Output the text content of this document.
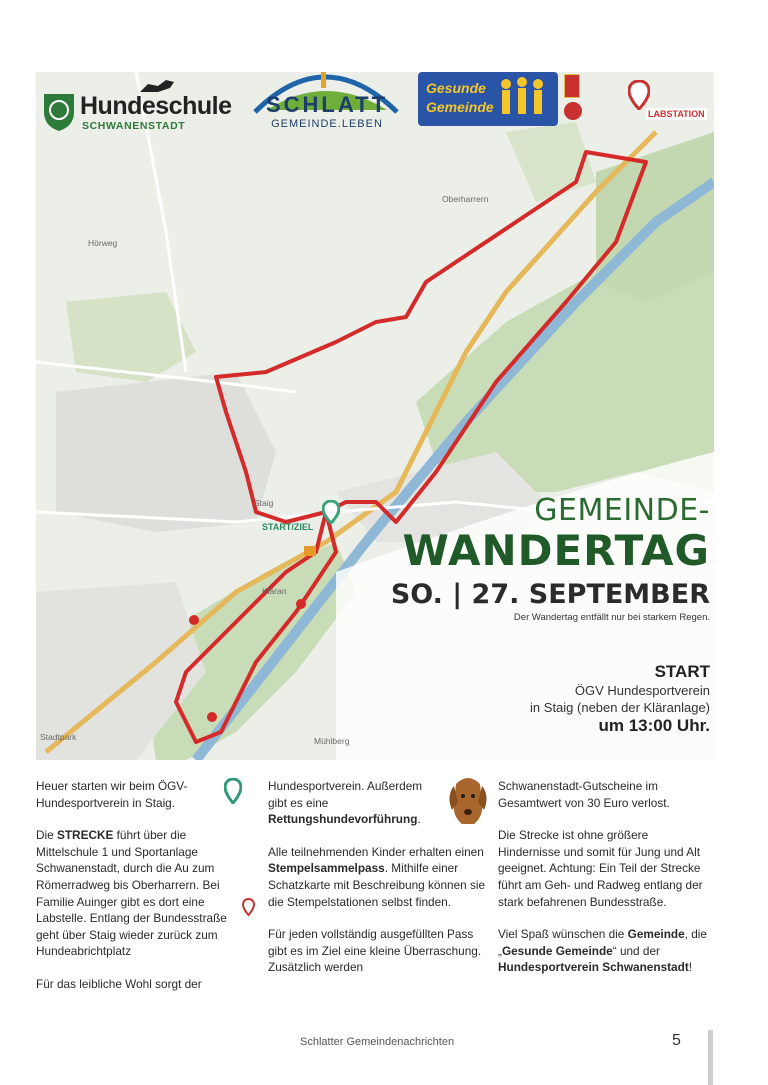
Hundeschule
SCHWANENSTADT
SCHLATT
GEMEINDE.LEBEN
Gesunde
Gemeinde	LABSTATION
START/ZIEL
Oberharrern
Hörweg
Staig
Mühlberg
Stadtpark
Kläran
GEMEINDE-
WANDERTAG
SO. | 27. SEPTEMBER
Der Wandertag entfällt nur bei starkem Regen.
START
ÖGV Hundesportverein
in Staig (neben der Kläranlage)
um 13:00 Uhr.

Heuer starten wir beim ÖGV-Hundesportverein in Staig.

Die STRECKE führt über die Mittelschule 1 und Sportanlage Schwanenstadt, durch die Au zum Römerradweg bis Oberharrern. Bei Familie Auinger gibt es dort eine Labstelle. Entlang der Bundesstraße geht über Staig wieder zurück zum Hundeabrichtplatz

Für das leibliche Wohl sorgt der

Hundesportverein. Außerdem gibt es eine Rettungshundevorführung.

Alle teilnehmenden Kinder erhalten einen Stempelsammelpass. Mithilfe einer Schatzkarte mit Beschreibung können sie die Stempelstationen selbst finden.

Für jeden vollständig ausgefüllten Pass gibt es im Ziel eine kleine Überraschung. Zusätzlich werden

Schwanenstadt-Gutscheine im Gesamtwert von 30 Euro verlost.

Die Strecke ist ohne größere Hindernisse und somit für Jung und Alt geeignet. Achtung: Ein Teil der Strecke führt am Geh- und Radweg entlang der stark befahrenen Bundesstraße.

Viel Spaß wünschen die Gemeinde, die „Gesunde Gemeinde“ und der Hundesportverein Schwanenstadt!

Schlatter Gemeindenachrichten	5
